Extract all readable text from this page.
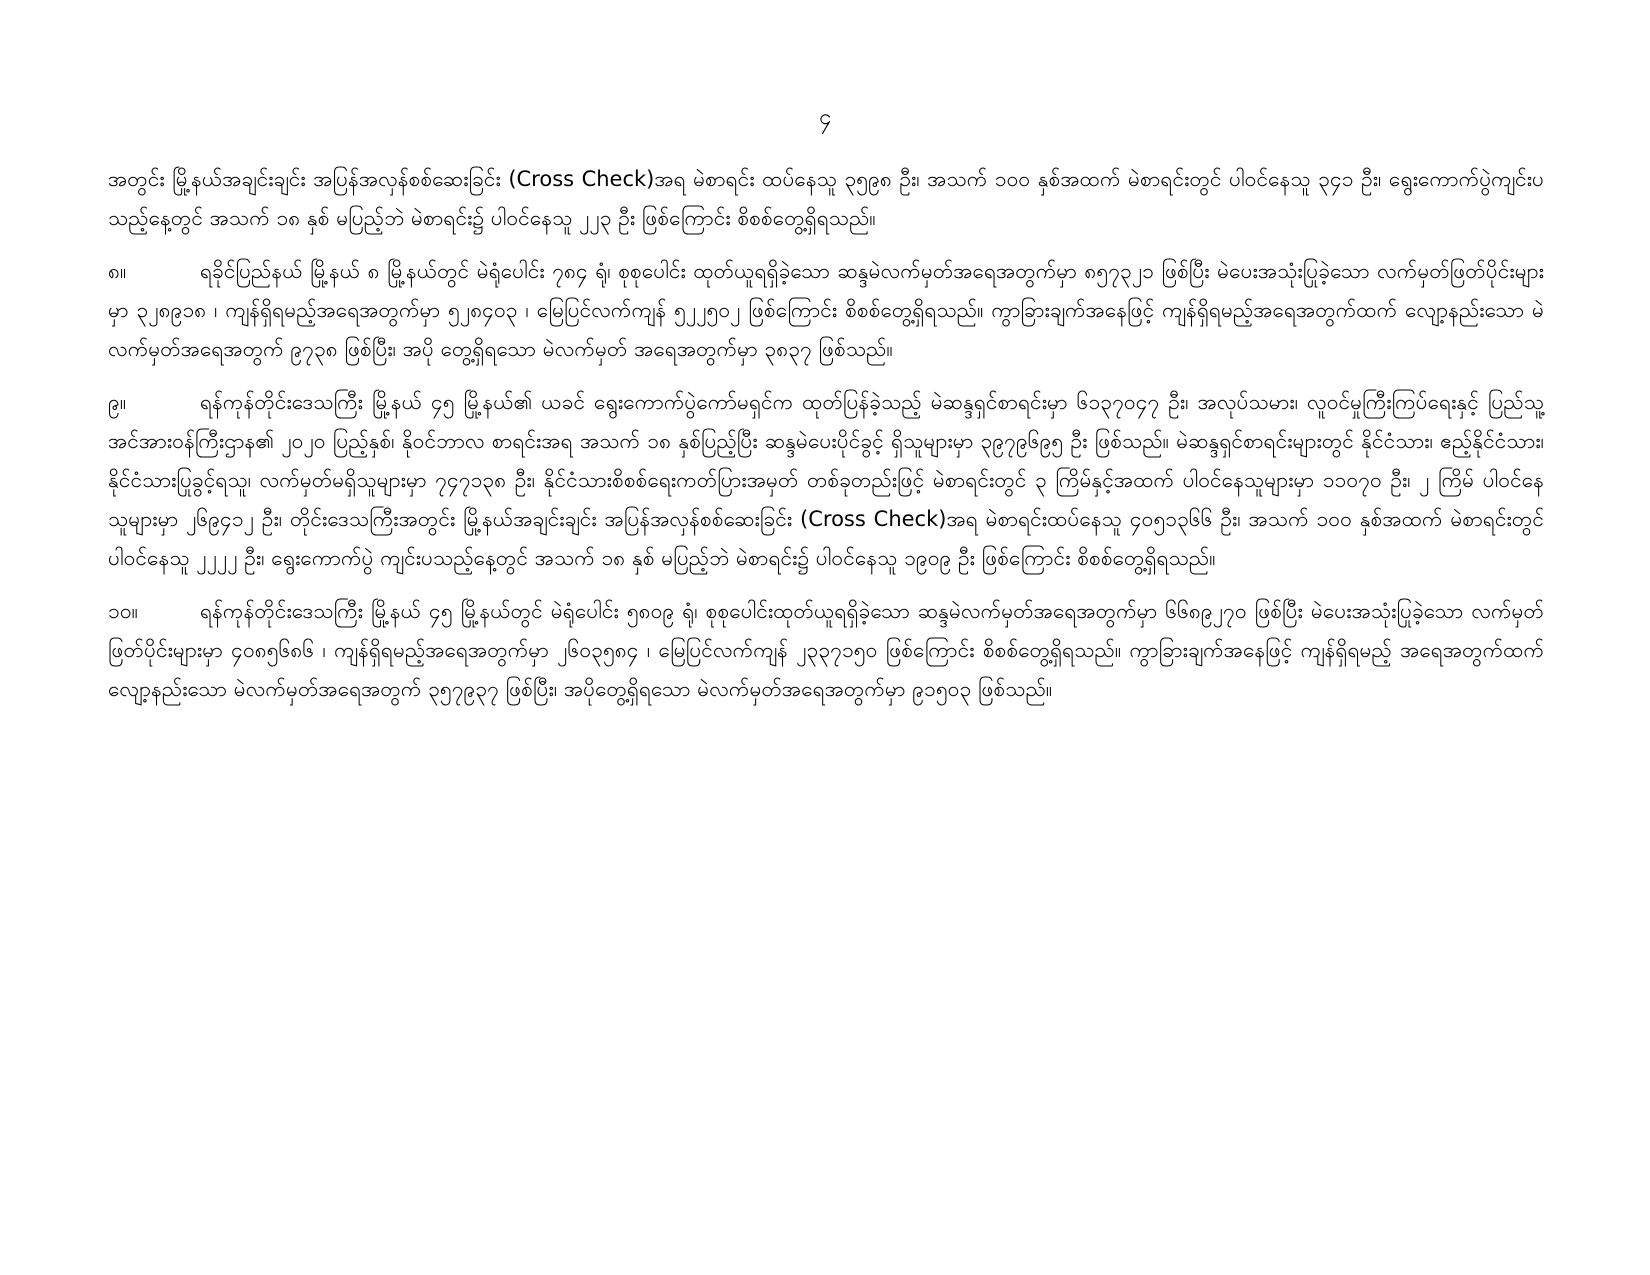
၄

အတွင်း မြို့နယ်အချင်းချင်း အပြန်အလှန်စစ်ဆေးခြင်း (Cross Check)အရ မဲစာရင်း ထပ်နေသူ ၃၅၉၈ ဦး၊ အသက် ၁၀၀ နှစ်အထက် မဲစာရင်းတွင် ပါဝင်နေသူ ၃၄၁ ဦး၊ ရွေးကောက်ပွဲကျင်းပသည့်နေ့တွင် အသက် ၁၈ နှစ် မပြည့်ဘဲ မဲစာရင်း၌ ပါဝင်နေသူ ၂၂၃ ဦး ဖြစ်ကြောင်း စိစစ်တွေ့ရှိရသည်။

၈။	ရခိုင်ပြည်နယ် မြို့နယ် ၈ မြို့နယ်တွင် မဲရုံပေါင်း ၇၈၄ ရုံ၊ စုစုပေါင်း ထုတ်ယူရရှိခဲ့သော ဆန္ဒမဲလက်မှတ်အရေအတွက်မှာ ၈၅၇၃၂၁ ဖြစ်ပြီး မဲပေးအသုံးပြုခဲ့သော လက်မှတ်ဖြတ်ပိုင်းများမှာ ၃၂၈၉၁၈ ၊ ကျန်ရှိရမည့်အရေအတွက်မှာ ၅၂၈၄၀၃ ၊ မြေပြင်လက်ကျန် ၅၂၂၅၀၂ ဖြစ်ကြောင်း စိစစ်တွေ့ရှိရသည်။ ကွာခြားချက်အနေဖြင့် ကျန်ရှိရမည့်အရေအတွက်ထက် လျော့နည်းသော မဲလက်မှတ်အရေအတွက် ၉၇၃၈ ဖြစ်ပြီး၊ အပို တွေ့ရှိရသော မဲလက်မှတ် အရေအတွက်မှာ ၃၈၃၇ ဖြစ်သည်။

၉။	ရန်ကုန်တိုင်းဒေသကြီး မြို့နယ် ၄၅ မြို့နယ်၏ ယခင် ရွေးကောက်ပွဲကော်မရှင်က ထုတ်ပြန်ခဲ့သည့် မဲဆန္ဒရှင်စာရင်းမှာ ၆၁၃၇၀၄၇ ဦး၊ အလုပ်သမား၊ လူဝင်မှုကြီးကြပ်ရေးနှင့် ပြည်သူ့အင်အားဝန်ကြီးဌာန၏ ၂၀၂၀ ပြည့်နှစ်၊ နိုဝင်ဘာလ စာရင်းအရ အသက် ၁၈ နှစ်ပြည့်ပြီး ဆန္ဒမဲပေးပိုင်ခွင့် ရှိသူများမှာ ၃၉၇၉၆၉၅ ဦး ဖြစ်သည်။ မဲဆန္ဒရှင်စာရင်းများတွင် နိုင်ငံသား၊ ဧည့်နိုင်ငံသား၊ နိုင်ငံသားပြုခွင့်ရသူ၊ လက်မှတ်မရှိသူများမှာ ၇၄၇၁၃၈ ဦး၊ နိုင်ငံသားစိစစ်ရေးကတ်ပြားအမှတ် တစ်ခုတည်းဖြင့် မဲစာရင်းတွင် ၃ ကြိမ်နှင့်အထက် ပါဝင်နေသူများမှာ ၁၁၀၇၀ ဦး၊ ၂ ကြိမ် ပါဝင်နေသူများမှာ ၂၆၉၄၁၂ ဦး၊ တိုင်းဒေသကြီးအတွင်း မြို့နယ်အချင်းချင်း အပြန်အလှန်စစ်ဆေးခြင်း (Cross Check)အရ မဲစာရင်းထပ်နေသူ ၄၀၅၁၃၆၆ ဦး၊ အသက် ၁၀၀ နှစ်အထက် မဲစာရင်းတွင် ပါဝင်နေသူ ၂၂၂၂ ဦး၊ ရွေးကောက်ပွဲ ကျင်းပသည့်နေ့တွင် အသက် ၁၈ နှစ် မပြည့်ဘဲ မဲစာရင်း၌ ပါဝင်နေသူ ၁၉၀၉ ဦး ဖြစ်ကြောင်း စိစစ်တွေ့ရှိရသည်။

၁၀။	ရန်ကုန်တိုင်းဒေသကြီး မြို့နယ် ၄၅ မြို့နယ်တွင် မဲရုံပေါင်း ၅၈၀၉ ရုံ၊ စုစုပေါင်းထုတ်ယူရရှိခဲ့သော ဆန္ဒမဲလက်မှတ်အရေအတွက်မှာ ၆၆၈၉၂၇၀ ဖြစ်ပြီး မဲပေးအသုံးပြုခဲ့သော လက်မှတ်ဖြတ်ပိုင်းများမှာ ၄၀၈၅၆၈၆ ၊ ကျန်ရှိရမည့်အရေအတွက်မှာ ၂၆၀၃၅၈၄ ၊ မြေပြင်လက်ကျန် ၂၃၃၇၁၅၀ ဖြစ်ကြောင်း စိစစ်တွေ့ရှိရသည်။ ကွာခြားချက်အနေဖြင့် ကျန်ရှိရမည့် အရေအတွက်ထက် လျော့နည်းသော မဲလက်မှတ်အရေအတွက် ၃၅၇၉၃၇ ဖြစ်ပြီး၊ အပိုတွေ့ရှိရသော မဲလက်မှတ်အရေအတွက်မှာ ၉၁၅၀၃ ဖြစ်သည်။
